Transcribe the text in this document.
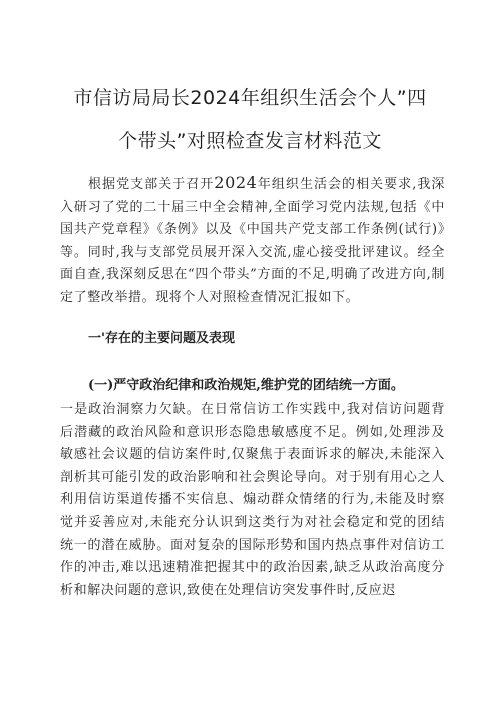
市信访局局长2024年组织生活会个人”四
个带头”对照检查发言材料范文
根据党支部关于召开2024年组织生活会的相关要求,我深入研习了党的二十届三中全会精神,全面学习党内法规,包括《中国共产党章程》《条例》以及《中国共产党支部工作条例(试行)》等。同时,我与支部党员展开深入交流,虚心接受批评建议。经全面自查,我深刻反思在“四个带头”方面的不足,明确了改进方向,制定了整改举措。现将个人对照检查情况汇报如下。
一'存在的主要问题及表现
(一)严守政治纪律和政治规矩,维护党的团结统一方面。
一是政治洞察力欠缺。在日常信访工作实践中,我对信访问题背后潜藏的政治风险和意识形态隐患敏感度不足。例如,处理涉及敏感社会议题的信访案件时,仅聚焦于表面诉求的解决,未能深入剖析其可能引发的政治影响和社会舆论导向。对于别有用心之人利用信访渠道传播不实信息、煽动群众情绪的行为,未能及时察觉并妥善应对,未能充分认识到这类行为对社会稳定和党的团结统一的潜在威胁。面对复杂的国际形势和国内热点事件对信访工作的冲击,难以迅速精准把握其中的政治因素,缺乏从政治高度分析和解决问题的意识,致使在处理信访突发事件时,反应迟
